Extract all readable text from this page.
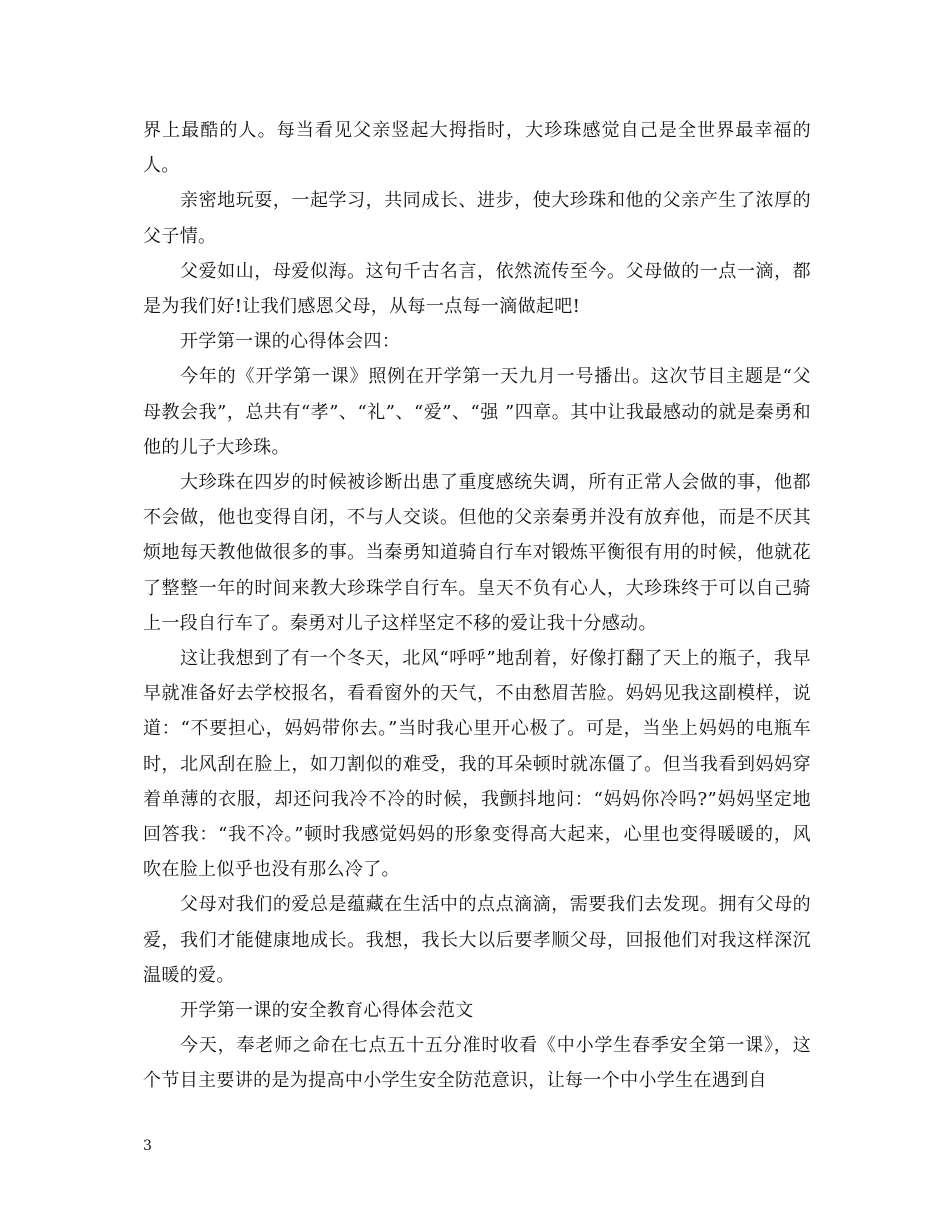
界上最酷的人。每当看见父亲竖起大拇指时，大珍珠感觉自己是全世界最幸福的人。

亲密地玩耍，一起学习，共同成长、进步，使大珍珠和他的父亲产生了浓厚的父子情。

父爱如山，母爱似海。这句千古名言，依然流传至今。父母做的一点一滴，都是为我们好!让我们感恩父母，从每一点每一滴做起吧!

开学第一课的心得体会四：

今年的《开学第一课》照例在开学第一天九月一号播出。这次节目主题是“父母教会我”，总共有“孝”、“礼”、“爱”、“强 ”四章。其中让我最感动的就是秦勇和他的儿子大珍珠。

大珍珠在四岁的时候被诊断出患了重度感统失调，所有正常人会做的事，他都不会做，他也变得自闭，不与人交谈。但他的父亲秦勇并没有放弃他，而是不厌其烦地每天教他做很多的事。当秦勇知道骑自行车对锻炼平衡很有用的时候，他就花了整整一年的时间来教大珍珠学自行车。皇天不负有心人，大珍珠终于可以自己骑上一段自行车了。秦勇对儿子这样坚定不移的爱让我十分感动。

这让我想到了有一个冬天，北风“呼呼”地刮着，好像打翻了天上的瓶子，我早早就准备好去学校报名，看看窗外的天气，不由愁眉苦脸。妈妈见我这副模样，说道：“不要担心，妈妈带你去。”当时我心里开心极了。可是，当坐上妈妈的电瓶车时，北风刮在脸上，如刀割似的难受，我的耳朵顿时就冻僵了。但当我看到妈妈穿着单薄的衣服，却还问我冷不冷的时候，我颤抖地问：“妈妈你冷吗?”妈妈坚定地回答我：“我不冷。”顿时我感觉妈妈的形象变得高大起来，心里也变得暖暖的，风吹在脸上似乎也没有那么冷了。

父母对我们的爱总是蕴藏在生活中的点点滴滴，需要我们去发现。拥有父母的爱，我们才能健康地成长。我想，我长大以后要孝顺父母，回报他们对我这样深沉温暖的爱。

开学第一课的安全教育心得体会范文

今天，奉老师之命在七点五十五分准时收看《中小学生春季安全第一课》，这个节目主要讲的是为提高中小学生安全防范意识，让每一个中小学生在遇到自

3
